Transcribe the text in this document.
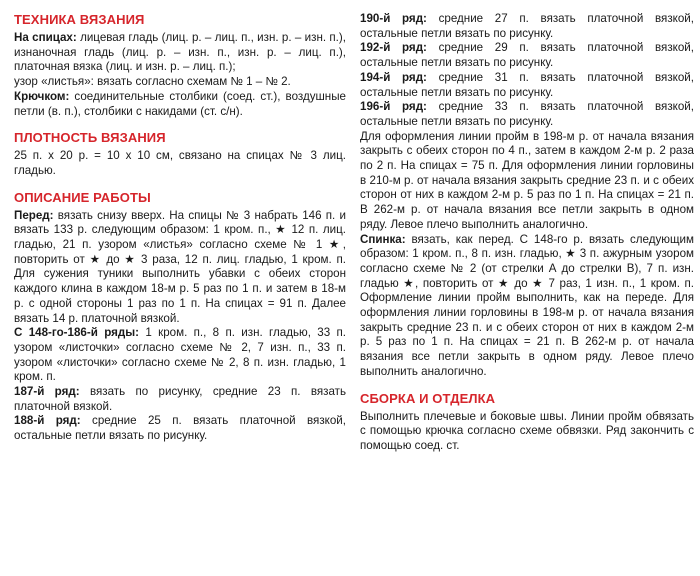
ТЕХНИКА ВЯЗАНИЯ

На спицах: лицевая гладь (лиц. р. – лиц. п., изн. р. – изн. п.), изнаночная гладь (лиц. р. – изн. п., изн. р. – лиц. п.), платочная вязка (лиц. и изн. р. – лиц. п.);

узор «листья»: вязать согласно схемам № 1 – № 2.

Крючком: соединительные столбики (соед. ст.), воздушные петли (в. п.), столбики с накидами (ст. с/н).

ПЛОТНОСТЬ ВЯЗАНИЯ

25 п. х 20 р. = 10 х 10 см, связано на спицах № 3 лиц. гладью.

ОПИСАНИЕ РАБОТЫ

Перед: вязать снизу вверх. На спицы № 3 набрать 146 п. и вязать 133 р. следующим образом: 1 кром. п., ★ 12 п. лиц. гладью, 21 п. узором «листья» согласно схеме № 1 ★, повторить от ★ до ★ 3 раза, 12 п. лиц. гладью, 1 кром. п. Для сужения туники выполнить убавки с обеих сторон каждого клина в каждом 18-м р. 5 раз по 1 п. и затем в 18-м р. с одной стороны 1 раз по 1 п. На спицах = 91 п. Далее вязать 14 р. платочной вязкой.

С 148-го-186-й ряды: 1 кром. п., 8 п. изн. гладью, 33 п. узором «листочки» согласно схеме № 2, 7 изн. п., 33 п. узором «листочки» согласно схеме № 2, 8 п. изн. гладью, 1 кром. п.

187-й ряд: вязать по рисунку, средние 23 п. вязать платочной вязкой.

188-й ряд: средние 25 п. вязать платочной вязкой, остальные петли вязать по рисунку.

190-й ряд: средние 27 п. вязать платочной вязкой, остальные петли вязать по рисунку.

192-й ряд: средние 29 п. вязать платочной вязкой, остальные петли вязать по рисунку.

194-й ряд: средние 31 п. вязать платочной вязкой, остальные петли вязать по рисунку.

196-й ряд: средние 33 п. вязать платочной вязкой, остальные петли вязать по рисунку.

Для оформления линии пройм в 198-м р. от начала вязания закрыть с обеих сторон по 4 п., затем в каждом 2-м р. 2 раза по 2 п. На спицах = 75 п. Для оформления линии горловины в 210-м р. от начала вязания закрыть средние 23 п. и с обеих сторон от них в каждом 2-м р. 5 раз по 1 п. На спицах = 21 п. В 262-м р. от начала вязания все петли закрыть в одном ряду. Левое плечо выполнить аналогично.

Спинка: вязать, как перед. С 148-го р. вязать следующим образом: 1 кром. п., 8 п. изн. гладью, ★ 3 п. ажурным узором согласно схеме № 2 (от стрелки А до стрелки В), 7 п. изн. гладью ★, повторить от ★ до ★ 7 раз, 1 изн. п., 1 кром. п. Оформление линии пройм выполнить, как на переде. Для оформления линии горловины в 198-м р. от начала вязания закрыть средние 23 п. и с обеих сторон от них в каждом 2-м р. 5 раз по 1 п. На спицах = 21 п. В 262-м р. от начала вязания все петли закрыть в одном ряду. Левое плечо выполнить аналогично.

СБОРКА И ОТДЕЛКА

Выполнить плечевые и боковые швы. Линии пройм обвязать с помощью крючка согласно схеме обвязки. Ряд закончить с помощью соед. ст.
